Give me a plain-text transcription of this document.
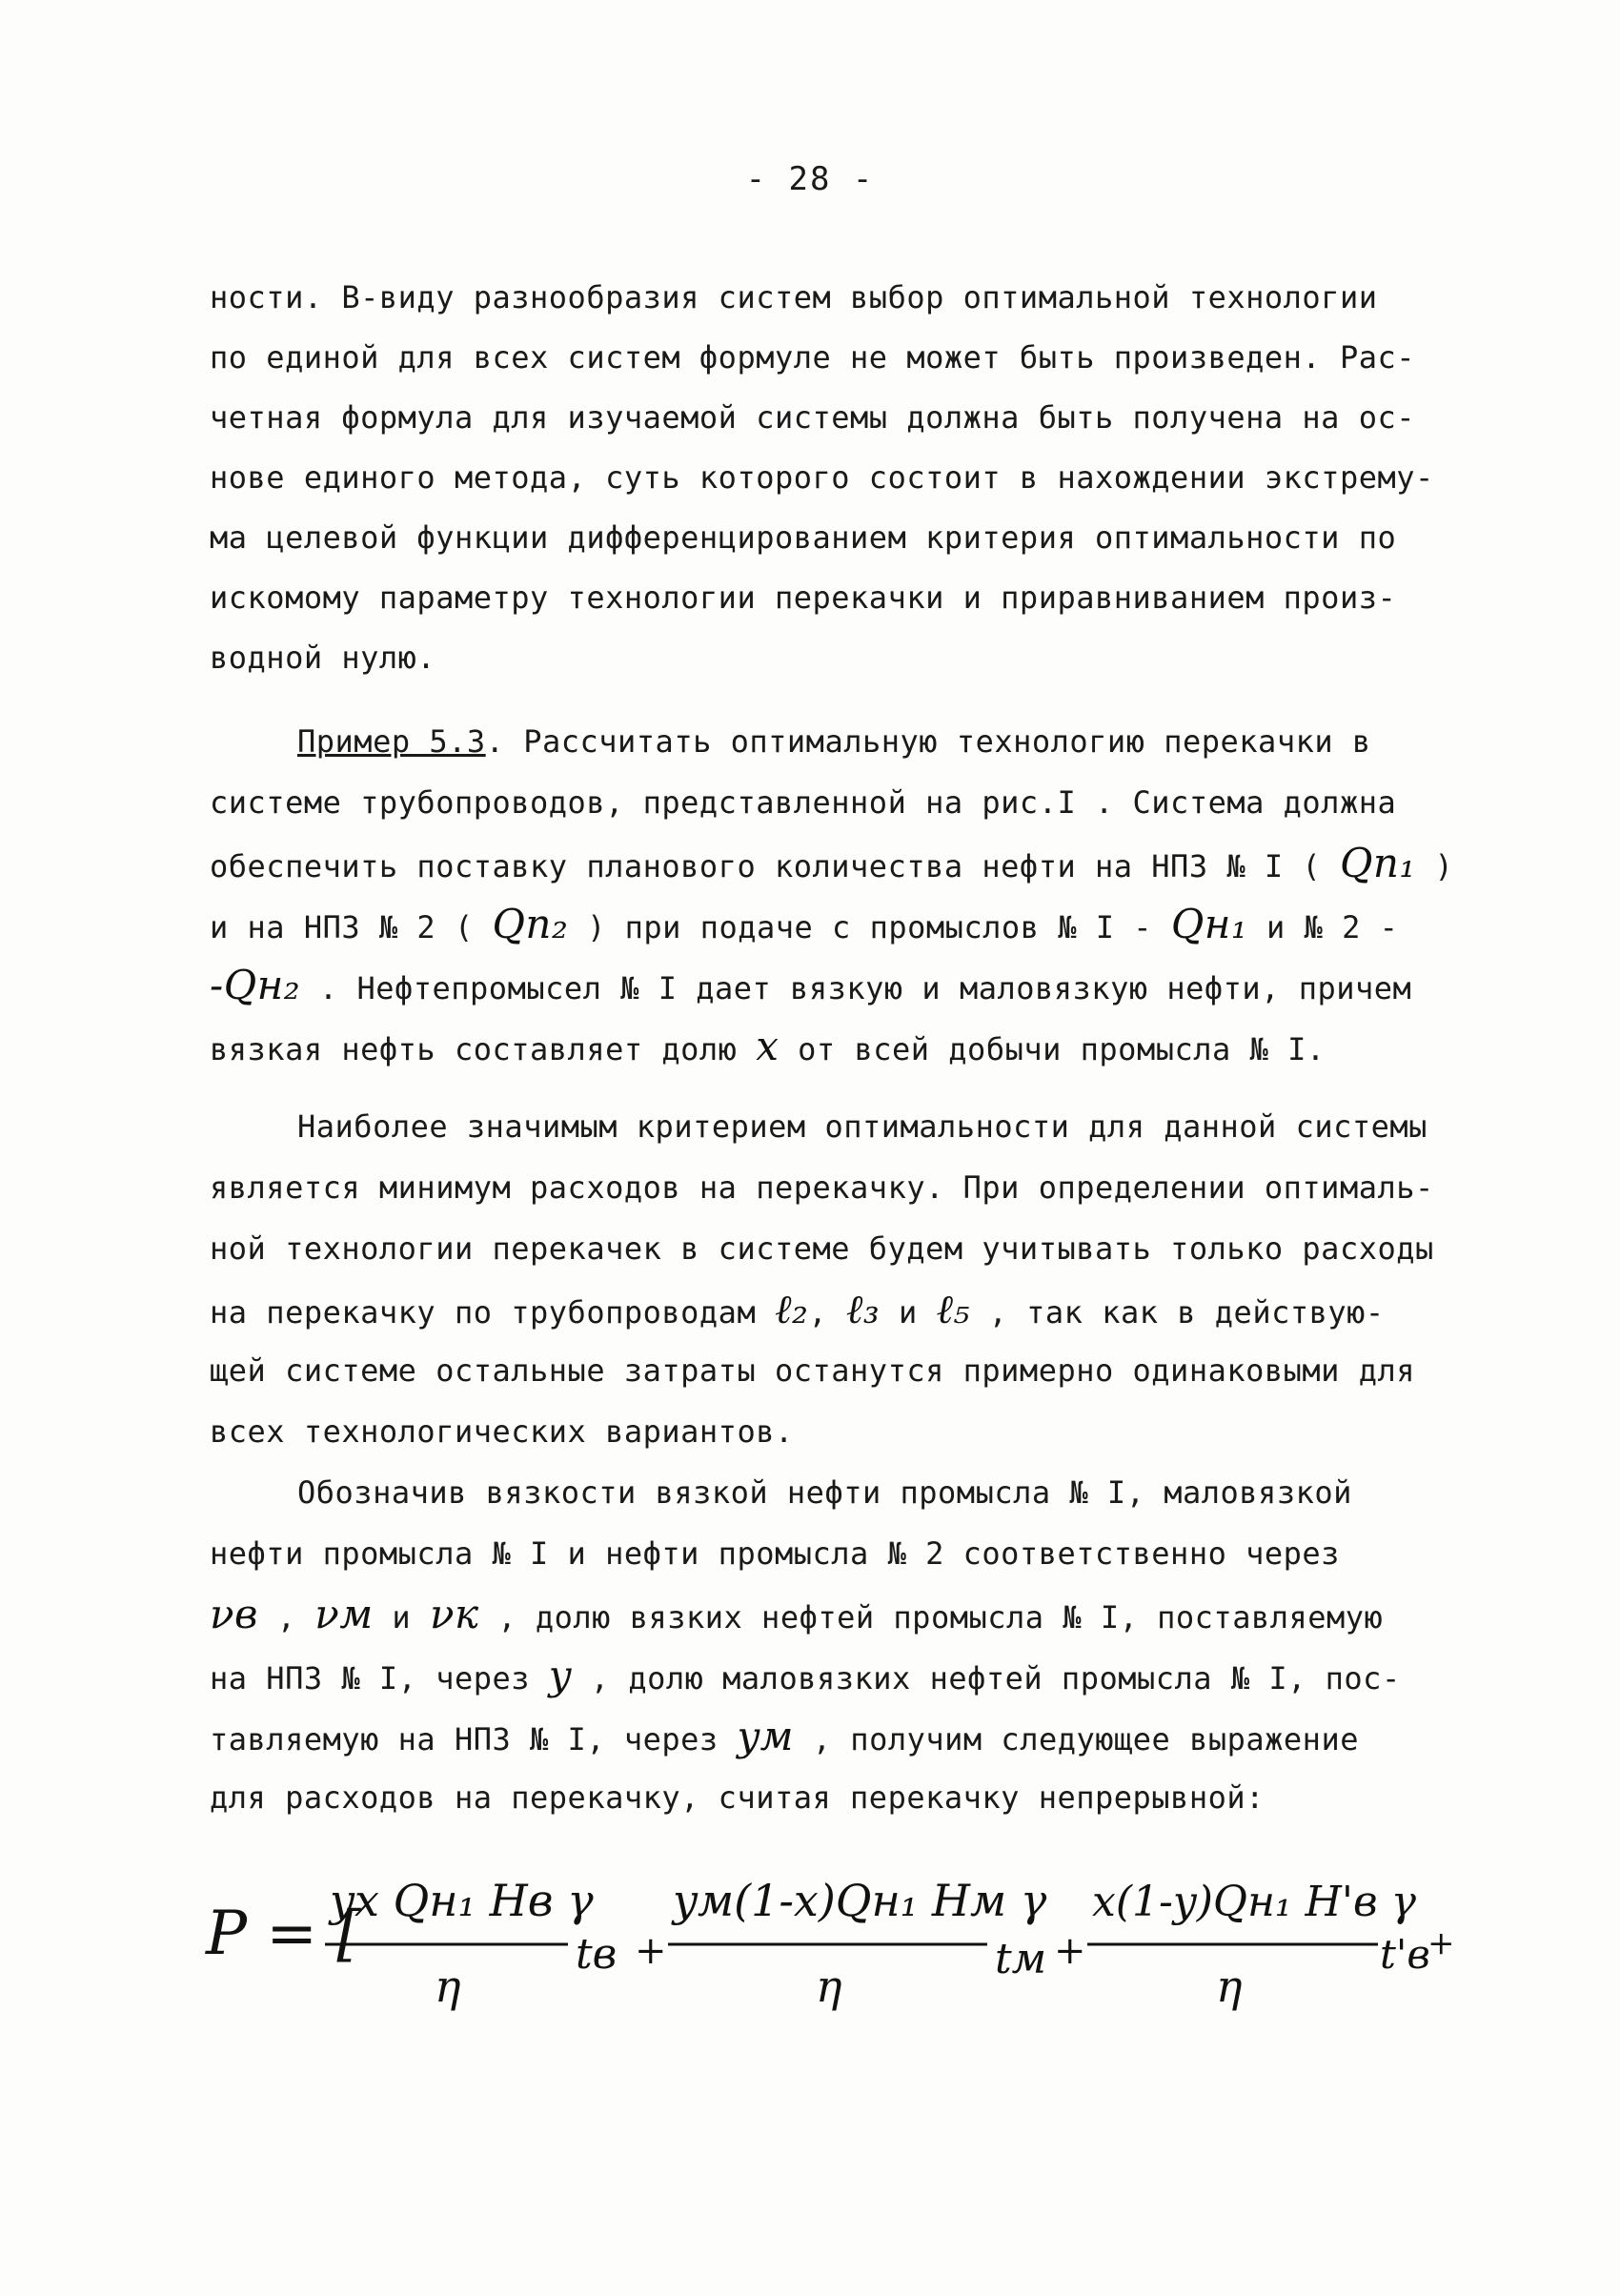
- 28 -
ности. В-виду разнообразия систем выбор оптимальной технологии
по единой для всех систем формуле не может быть произведен. Рас-
четная формула для изучаемой системы должна быть получена на ос-
нове единого метода, суть которого состоит в нахождении экстрему-
ма целевой функции дифференцированием критерия оптимальности по
искомому параметру технологии перекачки и приравниванием произ-
водной нулю.
Пример 5.3. Рассчитать оптимальную технологию перекачки в
системе трубопроводов, представленной на рис.I . Система должна
обеспечить поставку планового количества нефти на НПЗ № I ( Qп₁ )
и на НПЗ № 2 ( Qп₂ ) при подаче с промыслов № I - Qн₁ и № 2 -
-Qн₂ . Нефтепромысел № I дает вязкую и маловязкую нефти, причем
вязкая нефть составляет долю x от всей добычи промысла № I.
Наиболее значимым критерием оптимальности для данной системы
является минимум расходов на перекачку. При определении оптималь-
ной технологии перекачек в системе будем учитывать только расходы
на перекачку по трубопроводам ℓ₂, ℓ₃ и ℓ₅ , так как в действую-
щей системе остальные затраты останутся примерно одинаковыми для
всех технологических вариантов.
Обозначив вязкости вязкой нефти промысла № I, маловязкой
нефти промысла № I и нефти промысла № 2 соответственно через
νв , νм и νк , долю вязких нефтей промысла № I, поставляемую
на НПЗ № I, через y , долю маловязких нефтей промысла № I, пос-
тавляемую на НПЗ № I, через yм , получим следующее выражение
для расходов на перекачку, считая перекачку непрерывной:
Р = [
yx Qн₁ Hв γ
η
tв +
yм(1-x)Qн₁ Hм γ
η
tм +
x(1-y)Qн₁ H'в γ
η
t'в
+
